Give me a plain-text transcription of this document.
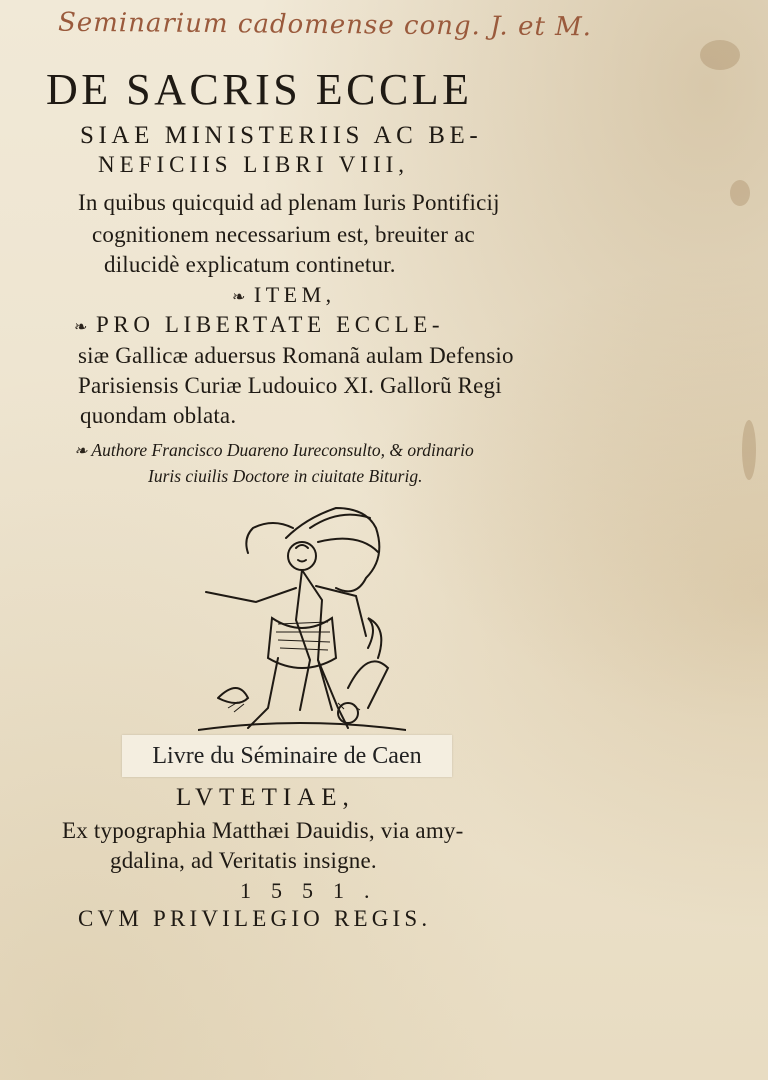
Seminarium cadomense cong. J. et M.
DE SACRIS ECCLE
SIAE MINISTERIIS AC BE-
NEFICIIS LIBRI VIII,
In quibus quicquid ad plenam Iuris Pontificij
cognitionem necessarium est, breuiter ac
dilucidè explicatum continetur.
❧ ITEM,
❧ PRO LIBERTATE ECCLE-
siæ Gallicæ aduersus Romanã aulam Defensio
Parisiensis Curiæ Ludouico XI. Gallorũ Regi
quondam oblata.
❧ Authore Francisco Duareno Iureconsulto, & ordinario
Iuris ciuilis Doctore in ciuitate Biturig.
Livre du Séminaire de Caen
LVTETIAE,
Ex typographia Matthæi Dauidis, via amy-
gdalina, ad Veritatis insigne.
1551.
CVM PRIVILEGIO REGIS.
